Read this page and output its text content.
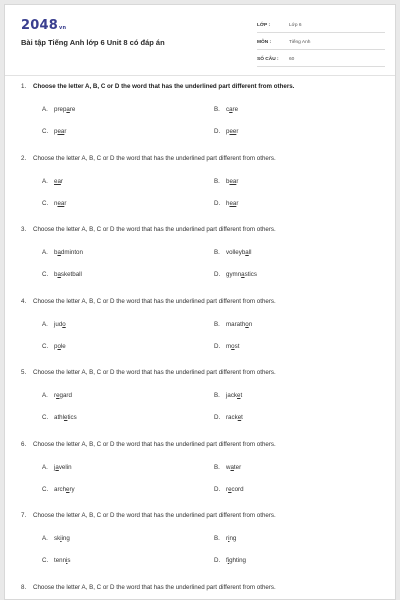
2048vn
Bài tập Tiếng Anh lớp 6 Unit 8 có đáp án
LỚP :	Lớp 6
MÔN :	Tiếng Anh
SỐ CÂU :	60
1.	Choose the letter A, B, C or D the word that has the underlined part different from others.
A. prepare	B. care
C. pear	D. peer
2.	Choose the letter A, B, C or D the word that has the underlined part different from others.
A. ear	B. bear
C. near	D. hear
3.	Choose the letter A, B, C or D the word that has the underlined part different from others.
A. badminton	B. volleyball
C. basketball	D. gymnastics
4.	Choose the letter A, B, C or D the word that has the underlined part different from others.
A. judo	B. marathon
C. pole	D. most
5.	Choose the letter A, B, C or D the word that has the underlined part different from others.
A. regard	B. jacket
C. athletics	D. racket
6.	Choose the letter A, B, C or D the word that has the underlined part different from others.
A. javelin	B. water
C. archery	D. record
7.	Choose the letter A, B, C or D the word that has the underlined part different from others.
A. skiing	B. ring
C. tennis	D. fighting
8.	Choose the letter A, B, C or D the word that has the underlined part different from others.
